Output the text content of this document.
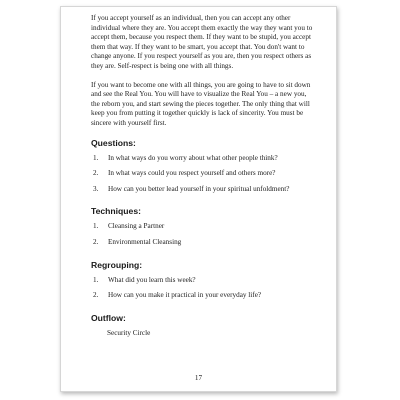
If you accept yourself as an individual, then you can accept any other individual where they are. You accept them exactly the way they want you to accept them, because you respect them. If they want to be stupid, you accept them that way. If they want to be smart, you accept that. You don't want to change anyone. If you respect yourself as you are, then you respect others as they are. Self-respect is being one with all things.

If you want to become one with all things, you are going to have to sit down and see the Real You. You will have to visualize the Real You – a new you, the reborn you, and start sewing the pieces together. The only thing that will keep you from putting it together quickly is lack of sincerity. You must be sincere with yourself first.

Questions:
1.	In what ways do you worry about what other people think?
2.	In what ways could you respect yourself and others more?
3.	How can you better lead yourself in your spiritual unfoldment?
Techniques:
1.	Cleansing a Partner
2.	Environmental Cleansing
Regrouping:
1.	What did you learn this week?
2.	How can you make it practical in your everyday life?
Outflow:
Security Circle
17
